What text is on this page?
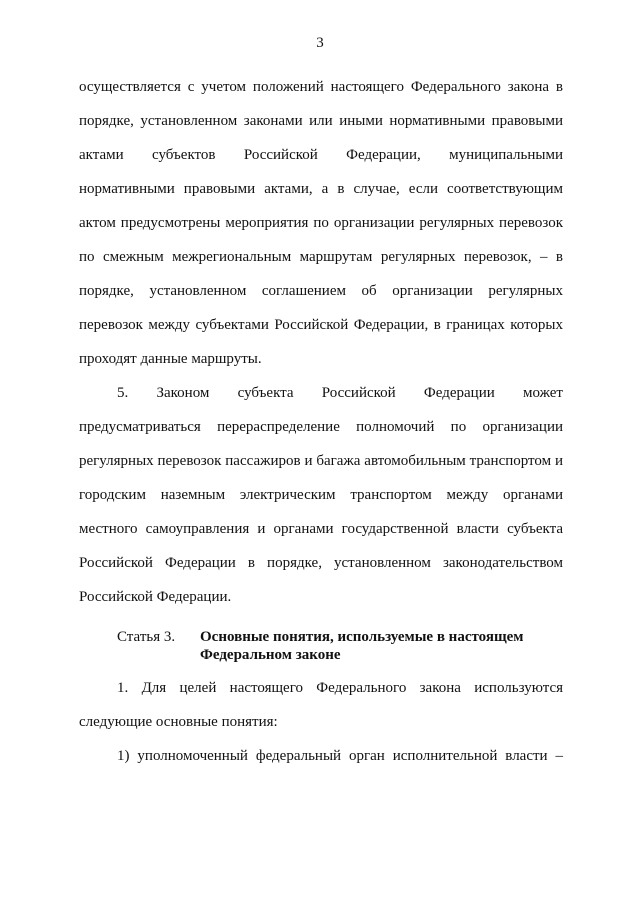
3
осуществляется с учетом положений настоящего Федерального закона в
порядке, установленном законами или иными нормативными правовыми
актами субъектов Российской Федерации, муниципальными
нормативными правовыми актами, а в случае, если соответствующим
актом предусмотрены мероприятия по организации регулярных перевозок
по смежным межрегиональным маршрутам регулярных перевозок, – в
порядке, установленном соглашением об организации регулярных
перевозок между субъектами Российской Федерации, в границах которых
проходят данные маршруты.
5. Законом субъекта Российской Федерации может
предусматриваться перераспределение полномочий по организации
регулярных перевозок пассажиров и багажа автомобильным транспортом и
городским наземным электрическим транспортом между органами
местного самоуправления и органами государственной власти субъекта
Российской Федерации в порядке, установленном законодательством
Российской Федерации.
Статья 3. Основные понятия, используемые в настоящем
Федеральном законе
1. Для целей настоящего Федерального закона используются
следующие основные понятия:
1) уполномоченный федеральный орган исполнительной власти –
